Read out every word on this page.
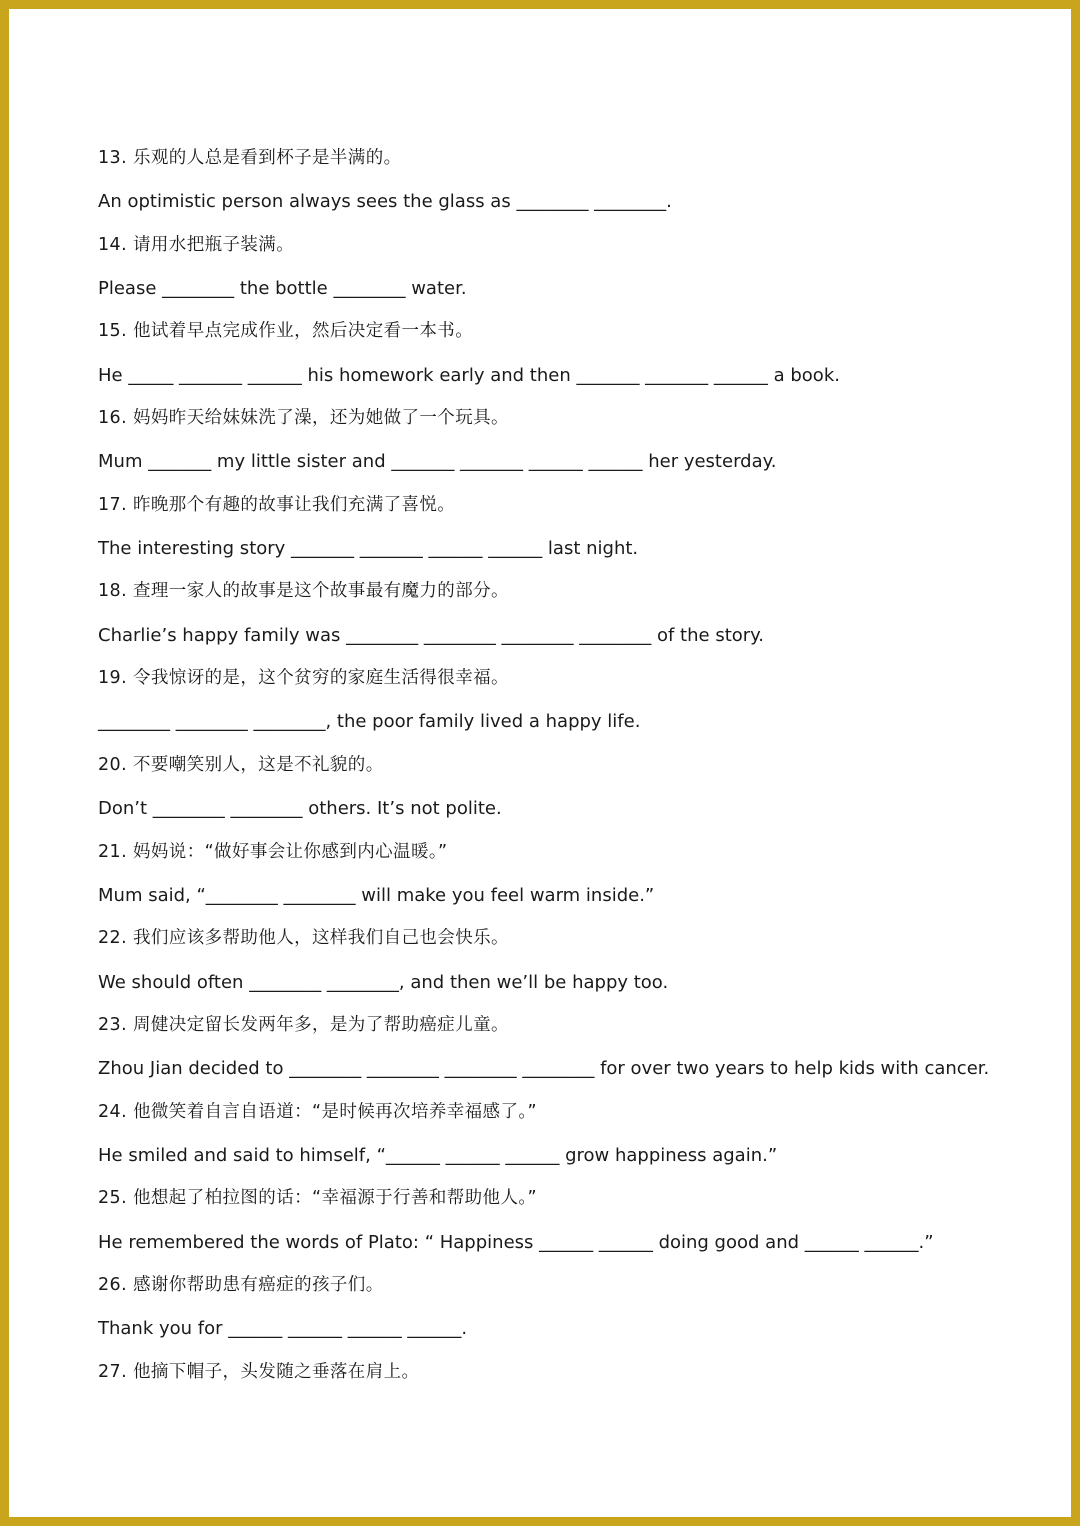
13. 乐观的人总是看到杯子是半满的。
An optimistic person always sees the glass as ________ ________.
14. 请用水把瓶子装满。
Please ________ the bottle ________ water.
15. 他试着早点完成作业，然后决定看一本书。
He _____ _______ ______ his homework early and then _______ _______ ______ a book.
16. 妈妈昨天给妹妹洗了澡，还为她做了一个玩具。
Mum _______ my little sister and _______ _______ ______ ______ her yesterday.
17. 昨晚那个有趣的故事让我们充满了喜悦。
The interesting story _______ _______ ______ ______ last night.
18. 查理一家人的故事是这个故事最有魔力的部分。
Charlie’s happy family was ________ ________ ________ ________ of the story.
19. 令我惊讶的是，这个贫穷的家庭生活得很幸福。
________ ________ ________, the poor family lived a happy life.
20. 不要嘲笑别人，这是不礼貌的。
Don’t ________ ________ others. It’s not polite.
21. 妈妈说：“做好事会让你感到内心温暖。”
Mum said, “________ ________ will make you feel warm inside.”
22. 我们应该多帮助他人，这样我们自己也会快乐。
We should often ________ ________, and then we’ll be happy too.
23. 周健决定留长发两年多，是为了帮助癌症儿童。
Zhou Jian decided to ________ ________ ________ ________ for over two years to help kids with cancer.
24. 他微笑着自言自语道：“是时候再次培养幸福感了。”
He smiled and said to himself, “______ ______ ______ grow happiness again.”
25. 他想起了柏拉图的话：“幸福源于行善和帮助他人。”
He remembered the words of Plato: “ Happiness ______ ______ doing good and ______ ______.”
26. 感谢你帮助患有癌症的孩子们。
Thank you for ______ ______ ______ ______.
27. 他摘下帽子，头发随之垂落在肩上。
